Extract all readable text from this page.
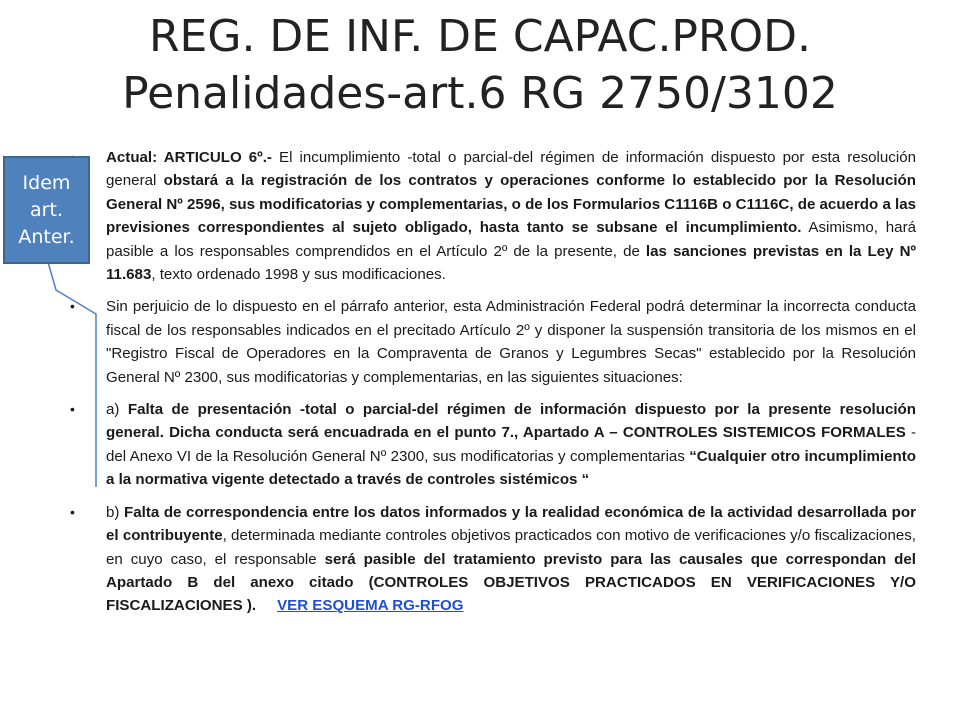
REG. DE INF. DE CAPAC.PROD.
Penalidades-art.6 RG 2750/3102
Actual: ARTICULO 6º.- El incumplimiento -total o parcial-del régimen de información dispuesto por esta resolución general obstará a la registración de los contratos y operaciones conforme lo establecido por la Resolución General Nº 2596, sus modificatorias y complementarias, o de los Formularios C1116B o C1116C, de acuerdo a las previsiones correspondientes al sujeto obligado, hasta tanto se subsane el incumplimiento. Asimismo, hará pasible a los responsables comprendidos en el Artículo 2º de la presente, de las sanciones previstas en la Ley Nº 11.683, texto ordenado 1998 y sus modificaciones.
• Sin perjuicio de lo dispuesto en el párrafo anterior, esta Administración Federal podrá determinar la incorrecta conducta fiscal de los responsables indicados en el precitado Artículo 2º y disponer la suspensión transitoria de los mismos en el "Registro Fiscal de Operadores en la Compraventa de Granos y Legumbres Secas" establecido por la Resolución General Nº 2300, sus modificatorias y complementarias, en las siguientes situaciones:
• a) Falta de presentación -total o parcial-del régimen de información dispuesto por la presente resolución general. Dicha conducta será encuadrada en el punto 7., Apartado A – CONTROLES SISTEMICOS FORMALES -del Anexo VI de la Resolución General Nº 2300, sus modificatorias y complementarias “Cualquier otro incumplimiento a la normativa vigente detectado a través de controles sistémicos “
• b) Falta de correspondencia entre los datos informados y la realidad económica de la actividad desarrollada por el contribuyente, determinada mediante controles objetivos practicados con motivo de verificaciones y/o fiscalizaciones, en cuyo caso, el responsable será pasible del tratamiento previsto para las causales que correspondan del Apartado B del anexo citado (CONTROLES OBJETIVOS PRACTICADOS EN VERIFICACIONES Y/O FISCALIZACIONES ). VER ESQUEMA RG-RFOG
Idem
art.
Anter.
